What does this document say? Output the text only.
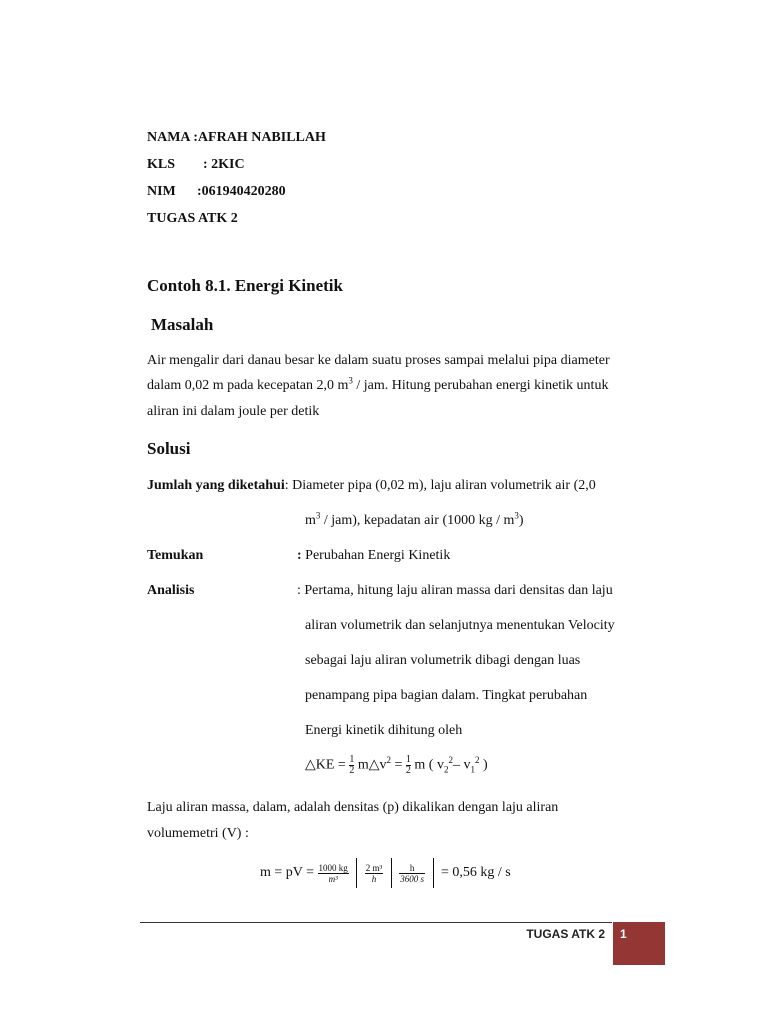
NAMA :AFRAH NABILLAH
KLS : 2KIC
NIM :061940420280
TUGAS ATK 2
Contoh 8.1. Energi Kinetik
Masalah
Air mengalir dari danau besar ke dalam suatu proses sampai melalui pipa diameter
dalam 0,02 m pada kecepatan 2,0 $m^3$ / jam. Hitung perubahan energi kinetik untuk
aliran ini dalam joule per detik
Solusi
Jumlah yang diketahui: Diameter pipa (0,02 m), laju aliran volumetrik air (2,0
$m^3 / jam$), kepadatan air (1000 kg / $m^3$)
Temukan	: Perubahan Energi Kinetik
Analisis	: Pertama, hitung laju aliran massa dari densitas dan laju
aliran volumetrik dan selanjutnya menentukan Velocity
sebagai laju aliran volumetrik dibagi dengan luas
penampang pipa bagian dalam. Tingkat perubahan
Energi kinetik dihitung oleh
△KE = $\frac{1}{2}$ $m\triangle v^2 = \frac{1}{2}$ m ( $v_2^2-$ $v_1^2$ )
Laju aliran massa, dalam, adalah densitas (p) dikalikan dengan laju aliran
volumemetri (V) :
m = pV = $\frac{1000 kg}{\text{m³}}$
$\frac{\text{2 m³}}{h}$
$\frac{h}{3600 s} = 0,56$ kg / s
TUGAS ATK 2 1
